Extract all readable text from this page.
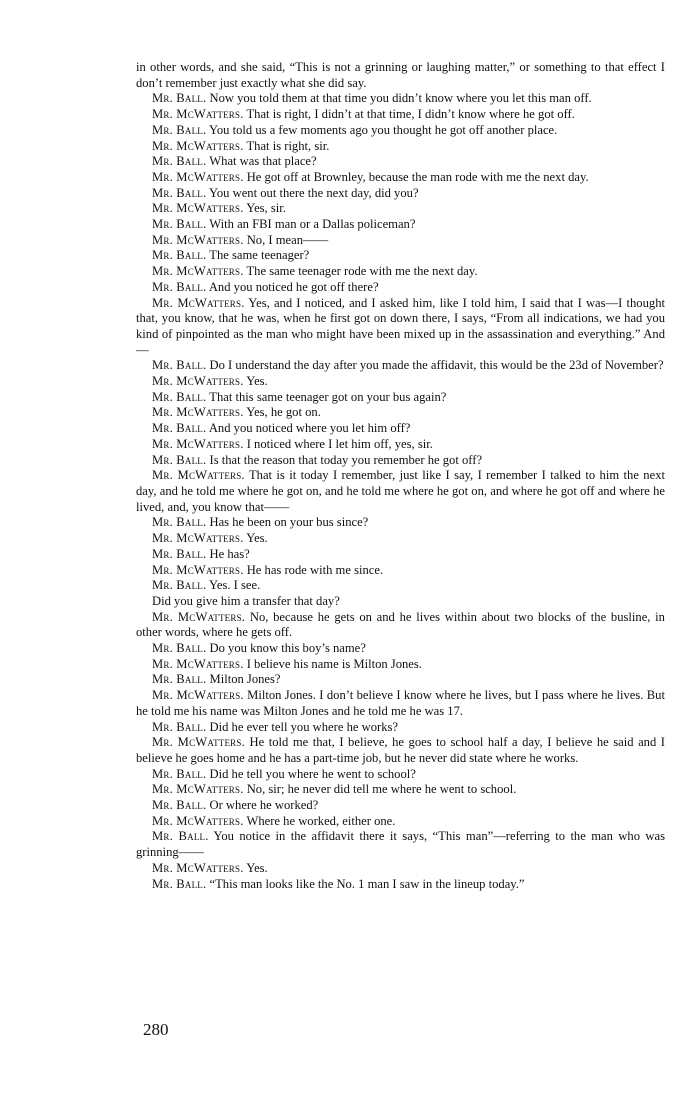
in other words, and she said, “This is not a grinning or laughing matter,” or something to that effect I don’t remember just exactly what she did say.

Mr. Ball. Now you told them at that time you didn’t know where you let this man off.

Mr. McWatters. That is right, I didn’t at that time, I didn’t know where he got off.

Mr. Ball. You told us a few moments ago you thought he got off another place.

Mr. McWatters. That is right, sir.

Mr. Ball. What was that place?

Mr. McWatters. He got off at Brownley, because the man rode with me the next day.

Mr. Ball. You went out there the next day, did you?

Mr. McWatters. Yes, sir.

Mr. Ball. With an FBI man or a Dallas policeman?

Mr. McWatters. No, I mean——

Mr. Ball. The same teenager?

Mr. McWatters. The same teenager rode with me the next day.

Mr. Ball. And you noticed he got off there?

Mr. McWatters. Yes, and I noticed, and I asked him, like I told him, I said that I was—I thought that, you know, that he was, when he first got on down there, I says, “From all indications, we had you kind of pinpointed as the man who might have been mixed up in the assassination and everything.” And—

Mr. Ball. Do I understand the day after you made the affidavit, this would be the 23d of November?

Mr. McWatters. Yes.

Mr. Ball. That this same teenager got on your bus again?

Mr. McWatters. Yes, he got on.

Mr. Ball. And you noticed where you let him off?

Mr. McWatters. I noticed where I let him off, yes, sir.

Mr. Ball. Is that the reason that today you remember he got off?

Mr. McWatters. That is it today I remember, just like I say, I remember I talked to him the next day, and he told me where he got on, and he told me where he got on, and where he got off and where he lived, and, you know that——

Mr. Ball. Has he been on your bus since?

Mr. McWatters. Yes.

Mr. Ball. He has?

Mr. McWatters. He has rode with me since.

Mr. Ball. Yes. I see.

Did you give him a transfer that day?

Mr. McWatters. No, because he gets on and he lives within about two blocks of the busline, in other words, where he gets off.

Mr. Ball. Do you know this boy’s name?

Mr. McWatters. I believe his name is Milton Jones.

Mr. Ball. Milton Jones?

Mr. McWatters. Milton Jones. I don’t believe I know where he lives, but I pass where he lives. But he told me his name was Milton Jones and he told me he was 17.

Mr. Ball. Did he ever tell you where he works?

Mr. McWatters. He told me that, I believe, he goes to school half a day, I believe he said and I believe he goes home and he has a part-time job, but he never did state where he works.

Mr. Ball. Did he tell you where he went to school?

Mr. McWatters. No, sir; he never did tell me where he went to school.

Mr. Ball. Or where he worked?

Mr. McWatters. Where he worked, either one.

Mr. Ball. You notice in the affidavit there it says, “This man”—referring to the man who was grinning——

Mr. McWatters. Yes.

Mr. Ball. “This man looks like the No. 1 man I saw in the lineup today.”

280
